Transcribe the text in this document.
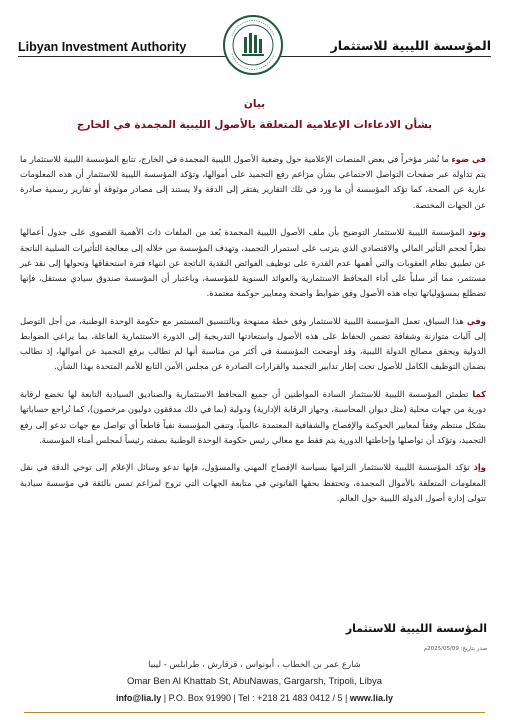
Libyan Investment Authority	المؤسسة الليبية للاستثمار
بيان
بشأن الادعاءات الإعلامية المتعلقة بالأصول الليبية المجمدة في الخارج

في ضوء ما نُشر مؤخراً في بعض المنصات الإعلامية حول وضعية الأصول الليبية المجمدة في الخارج، تتابع المؤسسة الليبية للاستثمار ما يتم تداوله عبر صفحات التواصل الاجتماعي بشأن مزاعم رفع التجميد على أموالها، وتؤكد المؤسسة الليبية للاستثمار أن هذه المعلومات عارية عن الصحة، كما تؤكد المؤسسة أن ما ورد في تلك التقارير يفتقر إلى الدقة ولا يستند إلى مصادر موثوقة أو تقارير رسمية صادرة عن الجهات المختصة.

وتود المؤسسة الليبية للاستثمار التوضيح بأن ملف الأصول الليبية المجمدة يُعد من الملفات ذات الأهمية القصوى على جدول أعمالها نظراً لحجم التأثير المالي والاقتصادي الذي يترتب على استمرار التجميد، وتهدف المؤسسة من خلاله إلى معالجة التأثيرات السلبية الناتجة عن تطبيق نظام العقوبات والتي أهمها عدم القدرة على توظيف الفوائض النقدية الناتجة عن انتهاء فترة استحقاقها وتحولها إلى نقد غير مستثمر، مما أثر سلباً على أداء المحافظ الاستثمارية والعوائد السنوية للمؤسسة، وباعتبار أن المؤسسة صندوق سيادي مستقل، فإنها تضطلع بمسؤولياتها تجاه هذه الأصول وفق ضوابط واضحة ومعايير حوكمة معتمدة.

وفي هذا السياق، تعمل المؤسسة الليبية للاستثمار وفق خطة ممنهجة وبالتنسيق المستمر مع حكومة الوحدة الوطنية، من أجل التوصل إلى آليات متوازنة وشفافة تضمن الحفاظ على هذه الأصول واستعادتها التدريجية إلى الدورة الاستثمارية الفاعلة، بما يراعي الضوابط الدولية ويحقق مصالح الدولة الليبية، وقد أوضحت المؤسسة في أكثر من مناسبة أنها لم تطالب برفع التجميد عن أموالها، إذ تطالب بضمان التوظيف الكامل للأصول تحت إطار تدابير التجميد والقرارات الصادرة عن مجلس الأمن التابع للأمم المتحدة بهذا الشأن.

كما تطمئن المؤسسة الليبية للاستثمار السادة المواطنين أن جميع المحافظ الاستثمارية والصناديق السيادية التابعة لها تخضع لرقابة دورية من جهات محلية (مثل ديوان المحاسبة، وجهاز الرقابة الإدارية) ودولية (بما في ذلك مدققون دوليون مرخصون)، كما تُراجع حساباتها بشكل منتظم وفقاً لمعايير الحوكمة والإفصاح والشفافية المعتمدة عالمياً، وتنفي المؤسسة نفياً قاطعاً أي تواصل مع جهات تدعو إلى رفع التجميد، وتؤكد أن تواصلها وإحاطتها الدورية يتم فقط مع معالي رئيس حكومة الوحدة الوطنية بصفته رئيساً لمجلس أمناء المؤسسة.

وإذ تؤكد المؤسسة الليبية للاستثمار التزامها بسياسة الإفصاح المهني والمسؤول، فإنها تدعو وسائل الإعلام إلى توخي الدقة في نقل المعلومات المتعلقة بالأموال المجمدة، وتحتفظ بحقها القانوني في متابعة الجهات التي تروج لمزاعم تمس بالثقة في مؤسسة سيادية تتولى إدارة أصول الدولة الليبية حول العالم.

المؤسسة الليبية للاستثمار
صدر بتاريخ: 2025/05/09م
شارع عمر بن الخطاب ، أبونواس ، قرقارش ، طرابلس - ليبيا
Omar Ben Al Khattab St, AbuNawas, Gargarsh, Tripoli, Libya
info@lia.ly | P.O. Box 91990 | Tel : +218 21 483 0412 / 5 | www.lia.ly
